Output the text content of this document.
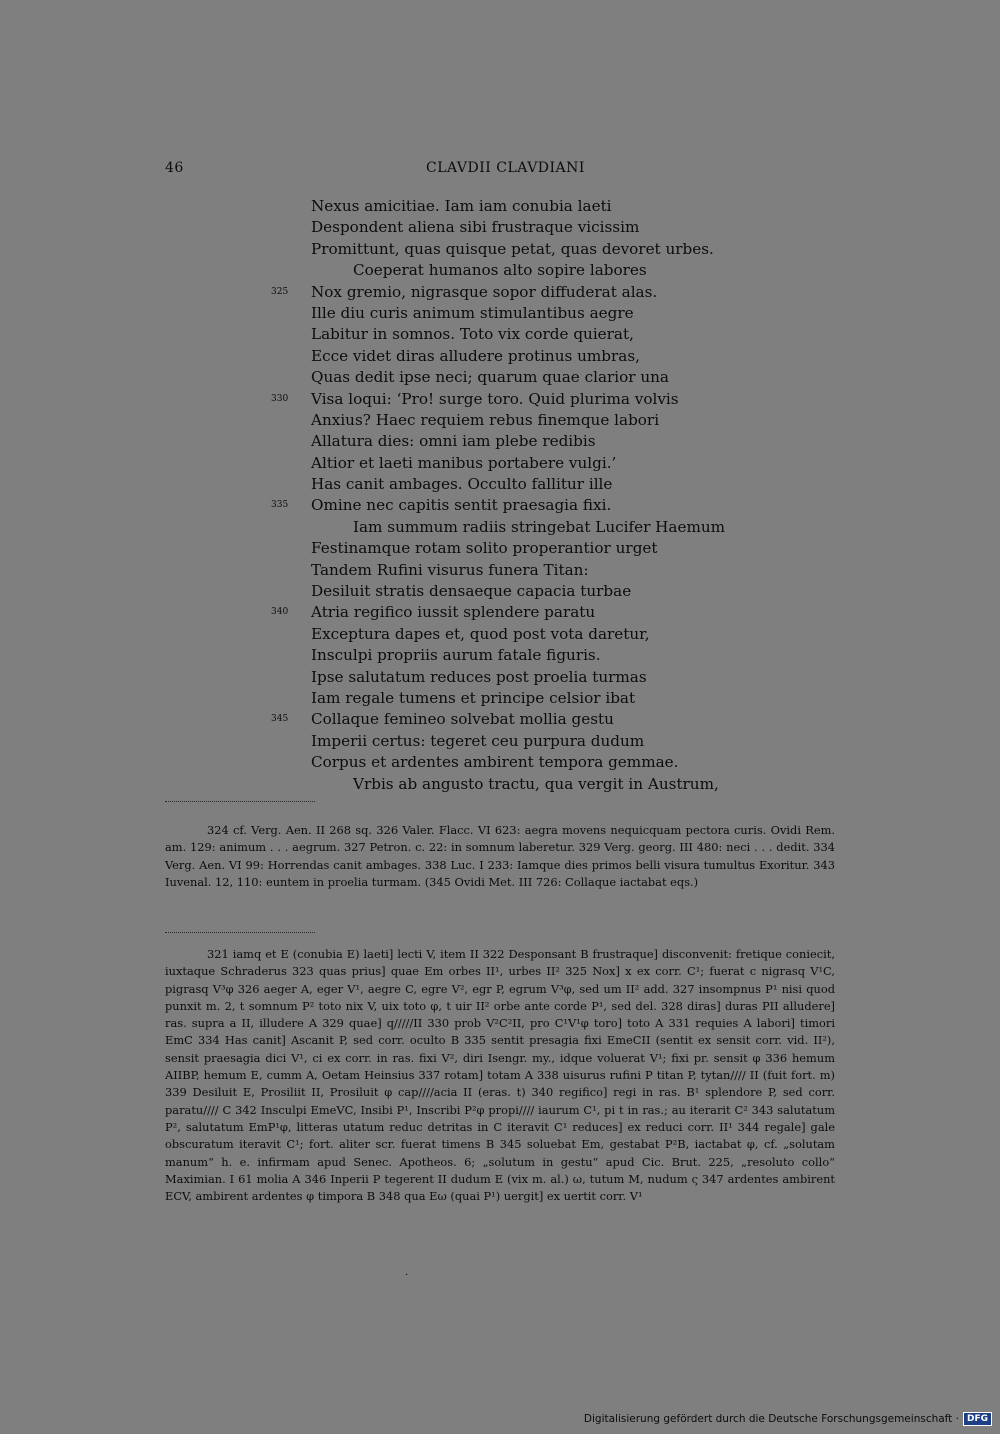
46	CLAVDII CLAVDIANI
Nexus amicitiae. Iam iam conubia laeti
Despondent aliena sibi frustraque vicissim
Promittunt, quas quisque petat, quas devoret urbes.
Coeperat humanos alto sopire labores
325	Nox gremio, nigrasque sopor diffuderat alas.
Ille diu curis animum stimulantibus aegre
Labitur in somnos. Toto vix corde quierat,
Ecce videt diras alludere protinus umbras,
Quas dedit ipse neci; quarum quae clarior una
330	Visa loqui: ‘Pro! surge toro. Quid plurima volvis
Anxius? Haec requiem rebus finemque labori
Allatura dies: omni iam plebe redibis
Altior et laeti manibus portabere vulgi.’
Has canit ambages. Occulto fallitur ille
335	Omine nec capitis sentit praesagia fixi.
Iam summum radiis stringebat Lucifer Haemum
Festinamque rotam solito properantior urget
Tandem Rufini visurus funera Titan:
Desiluit stratis densaeque capacia turbae
340	Atria regifico iussit splendere paratu
Exceptura dapes et, quod post vota daretur,
Insculpi propriis aurum fatale figuris.
Ipse salutatum reduces post proelia turmas
Iam regale tumens et principe celsior ibat
345	Collaque femineo solvebat mollia gestu
Imperii certus: tegeret ceu purpura dudum
Corpus et ardentes ambirent tempora gemmae.
Vrbis ab angusto tractu, qua vergit in Austrum,

324 cf. Verg. Aen. II 268 sq. 326 Valer. Flacc. VI 623: aegra movens nequicquam pectora curis. Ovidi Rem. am. 129: animum . . . aegrum. 327 Petron. c. 22: in somnum laberetur. 329 Verg. georg. III 480: neci . . . dedit. 334 Verg. Aen. VI 99: Horrendas canit ambages. 338 Luc. I 233: Iamque dies primos belli visura tumultus Exoritur. 343 Iuvenal. 12, 110: euntem in proelia turmam. (345 Ovidi Met. III 726: Collaque iactabat eqs.)

321 iamq et E (conubia E) laeti] lecti V, item II 322 Desponsant B frustraque] disconvenit: fretique coniecit, iuxtaque Schraderus 323 quas prius] quae Em orbes II¹, urbes II² 325 Nox] x ex corr. C¹; fuerat c nigrasq V¹C, pigrasq V³φ 326 aeger A, eger V¹, aegre C, egre V², egr P, egrum V³φ, sed um II² add. 327 insompnus P¹ nisi quod punxit m. 2, t somnum P² toto nix V, uix toto φ, t uir II² orbe ante corde P¹, sed del. 328 diras] duras PII alludere] ras. supra a II, illudere A 329 quae] q/////II 330 prob V²C²II, pro C¹V¹φ toro] toto A 331 requies A labori] timori EmC 334 Has canit] Ascanit P, sed corr. oculto B 335 sentit presagia fixi EmeCII (sentit ex sensit corr. vid. II²), sensit praesagia dici V¹, ci ex corr. in ras. fixi V², diri Isengr. my., idque voluerat V¹; fixi pr. sensit φ 336 hemum AIIBP, hemum E, cumm A, Oetam Heinsius 337 rotam] totam A 338 uisurus rufini P titan P, tytan//// II (fuit fort. m) 339 Desiluit E, Prosiliit II, Prosiluit φ cap////acia II (eras. t) 340 regifico] regi in ras. B¹ splendore P, sed corr. paratu//// C 342 Insculpi EmeVC, Insibi P¹, Inscribi P²φ propi//// iaurum C¹, pi t in ras.; au iterarit C² 343 salutatum P², salutatum EmP¹φ, litteras utatum reduc detritas in C iteravit C¹ reduces] ex reduci corr. II¹ 344 regale] gale obscuratum iteravit C¹; fort. aliter scr. fuerat timens B 345 soluebat Em, gestabat P²B, iactabat φ, cf. „solutam manum“ h. e. infirmam apud Senec. Apotheos. 6; „solutum in gestu“ apud Cic. Brut. 225, „resoluto collo“ Maximian. I 61 molia A 346 Inperii P tegerent II dudum E (vix m. al.) ω, tutum M, nudum ς 347 ardentes ambirent ECV, ambirent ardentes φ timpora B 348 qua Eω (quai P¹) uergit] ex uertit corr. V¹

·
Digitalisierung gefördert durch die Deutsche Forschungsgemeinschaft · DFG
